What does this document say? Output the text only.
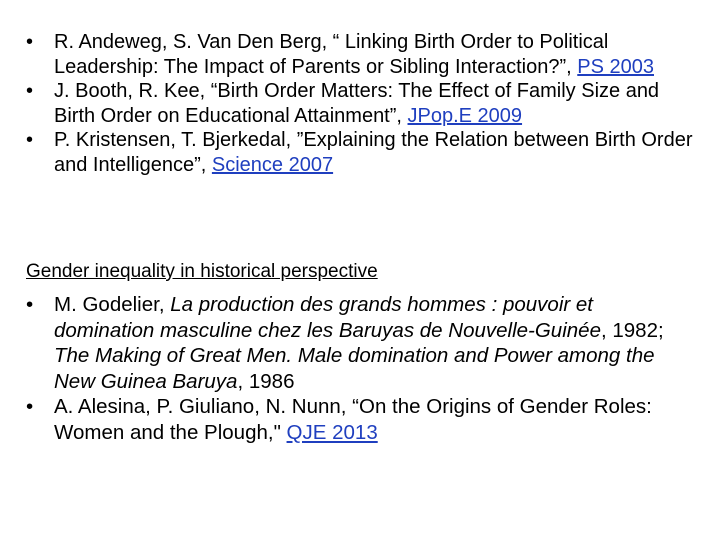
• R. Andeweg, S. Van Den Berg, “ Linking Birth Order to Political Leadership: The Impact of Parents or Sibling Interaction?”, PS 2003
• J. Booth, R. Kee, “Birth Order Matters: The Effect of Family Size and Birth Order on Educational Attainment”, JPop.E 2009
• P. Kristensen, T. Bjerkedal, ”Explaining the Relation between Birth Order and Intelligence”, Science 2007
Gender inequality in historical perspective
• M. Godelier, La production des grands hommes : pouvoir et domination masculine chez les Baruyas de Nouvelle-Guinée, 1982; The Making of Great Men. Male domination and Power among the New Guinea Baruya, 1986
• A. Alesina, P. Giuliano, N. Nunn, “On the Origins of Gender Roles: Women and the Plough," QJE 2013
